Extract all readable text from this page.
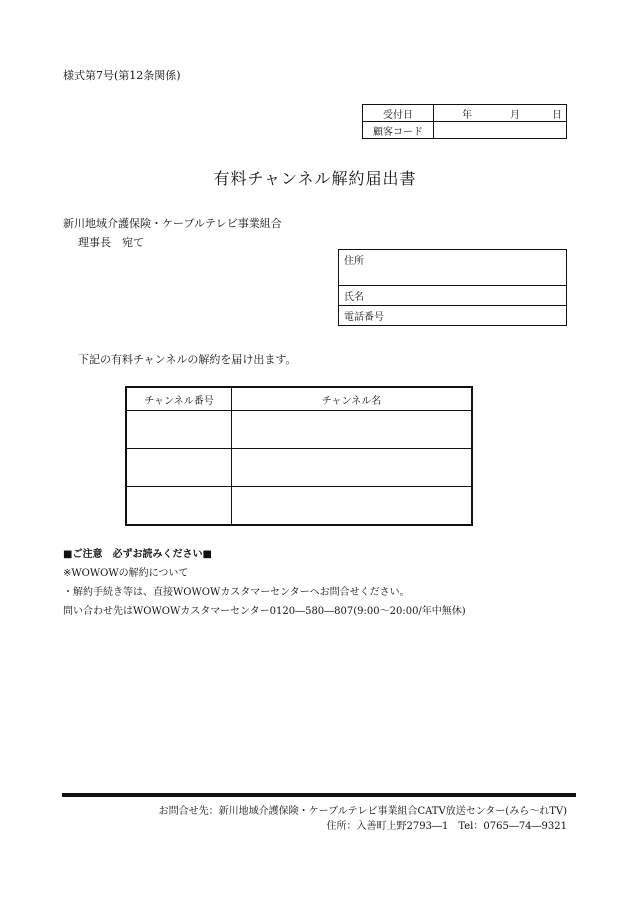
様式第7号(第12条関係)
受付日	年 月 日

顧客コード	
有料チャンネル解約届出書
新川地域介護保険・ケーブルテレビ事業組合
理事長　宛て
住所
氏名
電話番号
下記の有料チャンネルの解約を届け出ます。
チャンネル番号	チャンネル名

■ご注意　必ずお読みください■
※WOWOWの解約について
・解約手続き等は、直接WOWOWカスタマーセンターへお問合せください。
問い合わせ先はWOWOWカスタマーセンター0120―580―807(9:00～20:00/年中無休)
お問合せ先：新川地域介護保険・ケーブルテレビ事業組合CATV放送センター(みら～れTV)
住所：入善町上野2793―1　Tel：0765―74―9321
